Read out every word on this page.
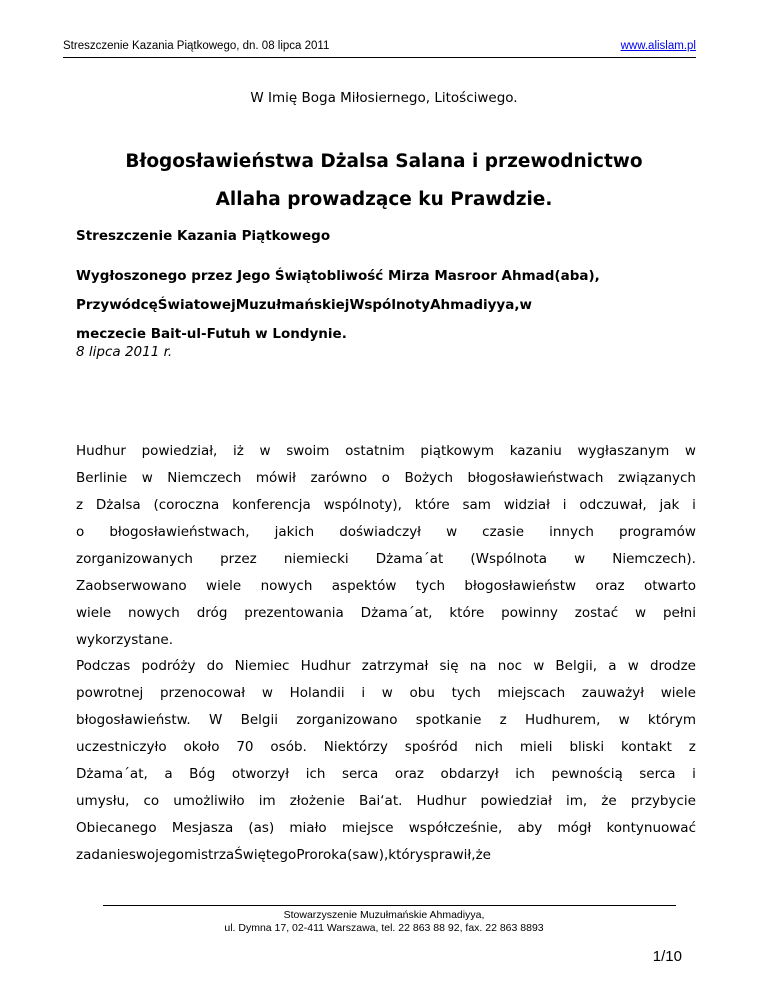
Streszczenie Kazania Piątkowego, dn. 08 lipca 2011	www.alislam.pl
W Imię Boga Miłosiernego, Litościwego.
Błogosławieństwa Dżalsa Salana i przewodnictwo
Allaha prowadzące ku Prawdzie.
Streszczenie Kazania Piątkowego
Wygłoszonego przez Jego Świątobliwość Mirza Masroor Ahmad(aba),
PrzywódcęŚwiatowejMuzułmańskiejWspólnotyAhmadiyya,w
meczecie Bait-ul-Futuh w Londynie.
8 lipca 2011 r.
Hudhur powiedział, iż w swoim ostatnim piątkowym kazaniu wygłaszanym w
Berlinie w Niemczech mówił zarówno o Bożych błogosławieństwach związanych
z Dżalsa (coroczna konferencja wspólnoty), które sam widział i odczuwał, jak i
o błogosławieństwach, jakich doświadczył w czasie innych programów
zorganizowanych przez niemiecki Dżama´at (Wspólnota w Niemczech).
Zaobserwowano wiele nowych aspektów tych błogosławieństw oraz otwarto
wiele nowych dróg prezentowania Dżama´at, które powinny zostać w pełni
wykorzystane.
Podczas podróży do Niemiec Hudhur zatrzymał się na noc w Belgii, a w drodze
powrotnej przenocował w Holandii i w obu tych miejscach zauważył wiele
błogosławieństw. W Belgii zorganizowano spotkanie z Hudhurem, w którym
uczestniczyło około 70 osób. Niektórzy spośród nich mieli bliski kontakt z
Dżama´at, a Bóg otworzył ich serca oraz obdarzył ich pewnością serca i
umysłu, co umożliwiło im złożenie Bai‘at. Hudhur powiedział im, że przybycie
Obiecanego Mesjasza (as) miało miejsce współcześnie, aby mógł kontynuować
zadanie swojego mistrza Świętego Proroka (saw), który sprawił, że
Stowarzyszenie Muzułmańskie Ahmadiyya,
ul. Dymna 17, 02-411 Warszawa, tel. 22 863 88 92, fax. 22 863 8893
1/10
